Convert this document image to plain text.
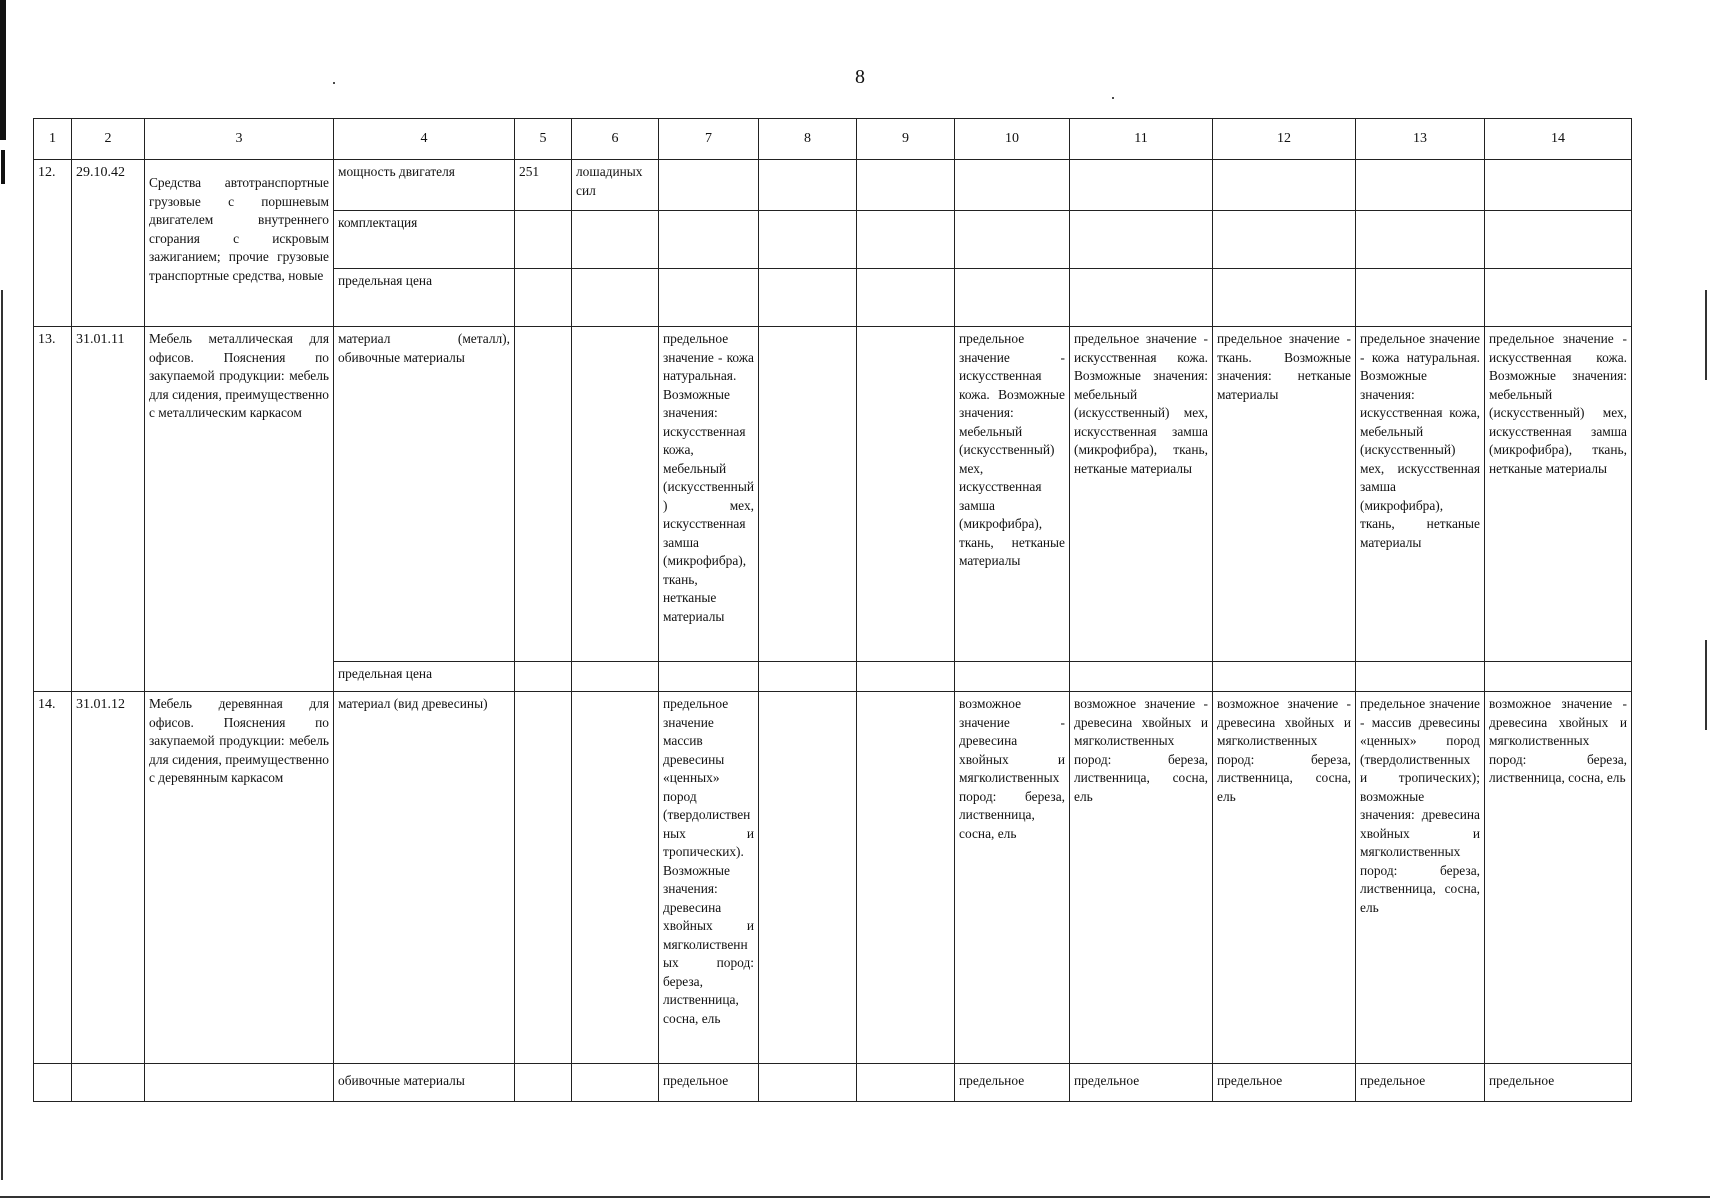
8
1	2	3	4	5	6	7	8	9	10	11	12	13	14
12.	29.10.42	Средства автотранспортные грузовые с поршневым двигателем внутреннего сгорания с искровым зажиганием; прочие грузовые транспортные средства, новые	мощность двигателя	251	лошадиных сил								
			комплектация										
			предельная цена										
13.	31.01.11	Мебель металлическая для офисов. Пояснения по закупаемой продукции: мебель для сидения, преимущественно с металлическим каркасом	материал (металл), обивочные материалы			предельное значение - кожа натуральная. Возможные значения: искусственная кожа, мебельный (искусственный) мех, искусственная замша (микрофибра), ткань, нетканые материалы			предельное значение - искусственная кожа. Возможные значения: мебельный (искусственный) мех, искусственная замша (микрофибра), ткань, нетканые материалы	предельное значение - искусственная кожа. Возможные значения: мебельный (искусственный) мех, искусственная замша (микрофибра), ткань, нетканые материалы	предельное значение - ткань. Возможные значения: нетканые материалы	предельное значение - кожа натуральная. Возможные значения: искусственная кожа, мебельный (искусственный) мех, искусственная замша (микрофибра), ткань, нетканые материалы	предельное значение - искусственная кожа. Возможные значения: мебельный (искусственный) мех, искусственная замша (микрофибра), ткань, нетканые материалы
			предельная цена										
14.	31.01.12	Мебель деревянная для офисов. Пояснения по закупаемой продукции: мебель для сидения, преимущественно с деревянным каркасом	материал (вид древесины)			предельное значение массив древесины «ценных» пород (твердолиственных и тропических). Возможные значения: древесина хвойных и мягколиственных пород: береза, лиственница, сосна, ель			возможное значение - древесина хвойных и мягколиственных пород: береза, лиственница, сосна, ель	возможное значение - древесина хвойных и мягколиственных пород: береза, лиственница, сосна, ель	возможное значение - древесина хвойных и мягколиственных пород: береза, лиственница, сосна, ель	предельное значение - массив древесины «ценных» пород (твердолиственных и тропических); возможные значения: древесина хвойных и мягколиственных пород: береза, лиственница, сосна, ель	возможное значение - древесина хвойных и мягколиственных пород: береза, лиственница, сосна, ель
			обивочные материалы			предельное			предельное	предельное	предельное	предельное	предельное
